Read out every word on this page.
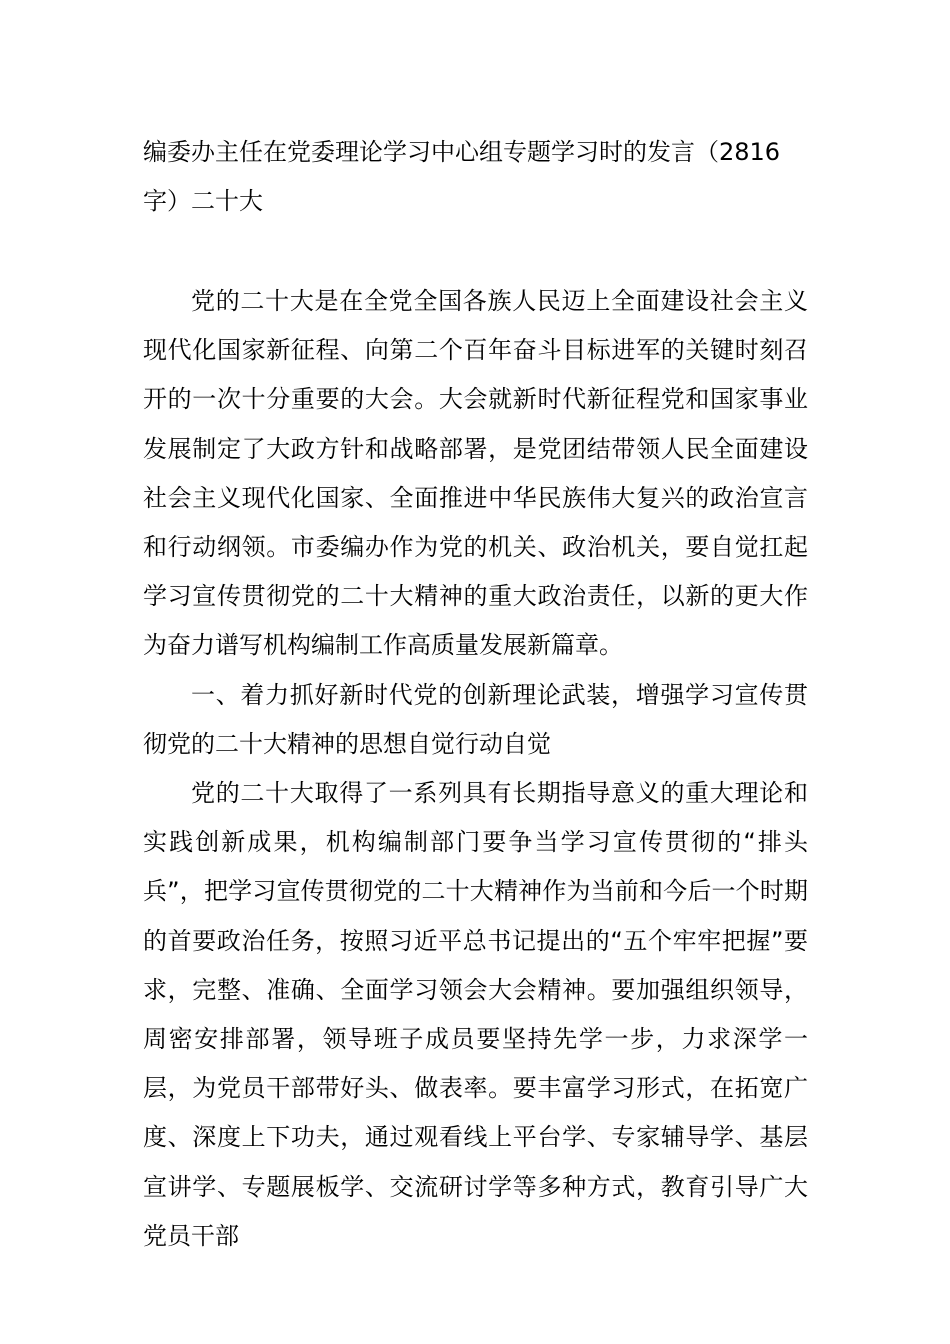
编委办主任在党委理论学习中心组专题学习时的发言（2816字）二十大

党的二十大是在全党全国各族人民迈上全面建设社会主义现代化国家新征程、向第二个百年奋斗目标进军的关键时刻召开的一次十分重要的大会。大会就新时代新征程党和国家事业发展制定了大政方针和战略部署，是党团结带领人民全面建设社会主义现代化国家、全面推进中华民族伟大复兴的政治宣言和行动纲领。市委编办作为党的机关、政治机关，要自觉扛起学习宣传贯彻党的二十大精神的重大政治责任，以新的更大作为奋力谱写机构编制工作高质量发展新篇章。

一、着力抓好新时代党的创新理论武装，增强学习宣传贯彻党的二十大精神的思想自觉行动自觉

党的二十大取得了一系列具有长期指导意义的重大理论和实践创新成果，机构编制部门要争当学习宣传贯彻的“排头兵”，把学习宣传贯彻党的二十大精神作为当前和今后一个时期的首要政治任务，按照习近平总书记提出的“五个牢牢把握”要求，完整、准确、全面学习领会大会精神。要加强组织领导，周密安排部署，领导班子成员要坚持先学一步，力求深学一层，为党员干部带好头、做表率。要丰富学习形式，在拓宽广度、深度上下功夫，通过观看线上平台学、专家辅导学、基层宣讲学、专题展板学、交流研讨学等多种方式，教育引导广大党员干部
